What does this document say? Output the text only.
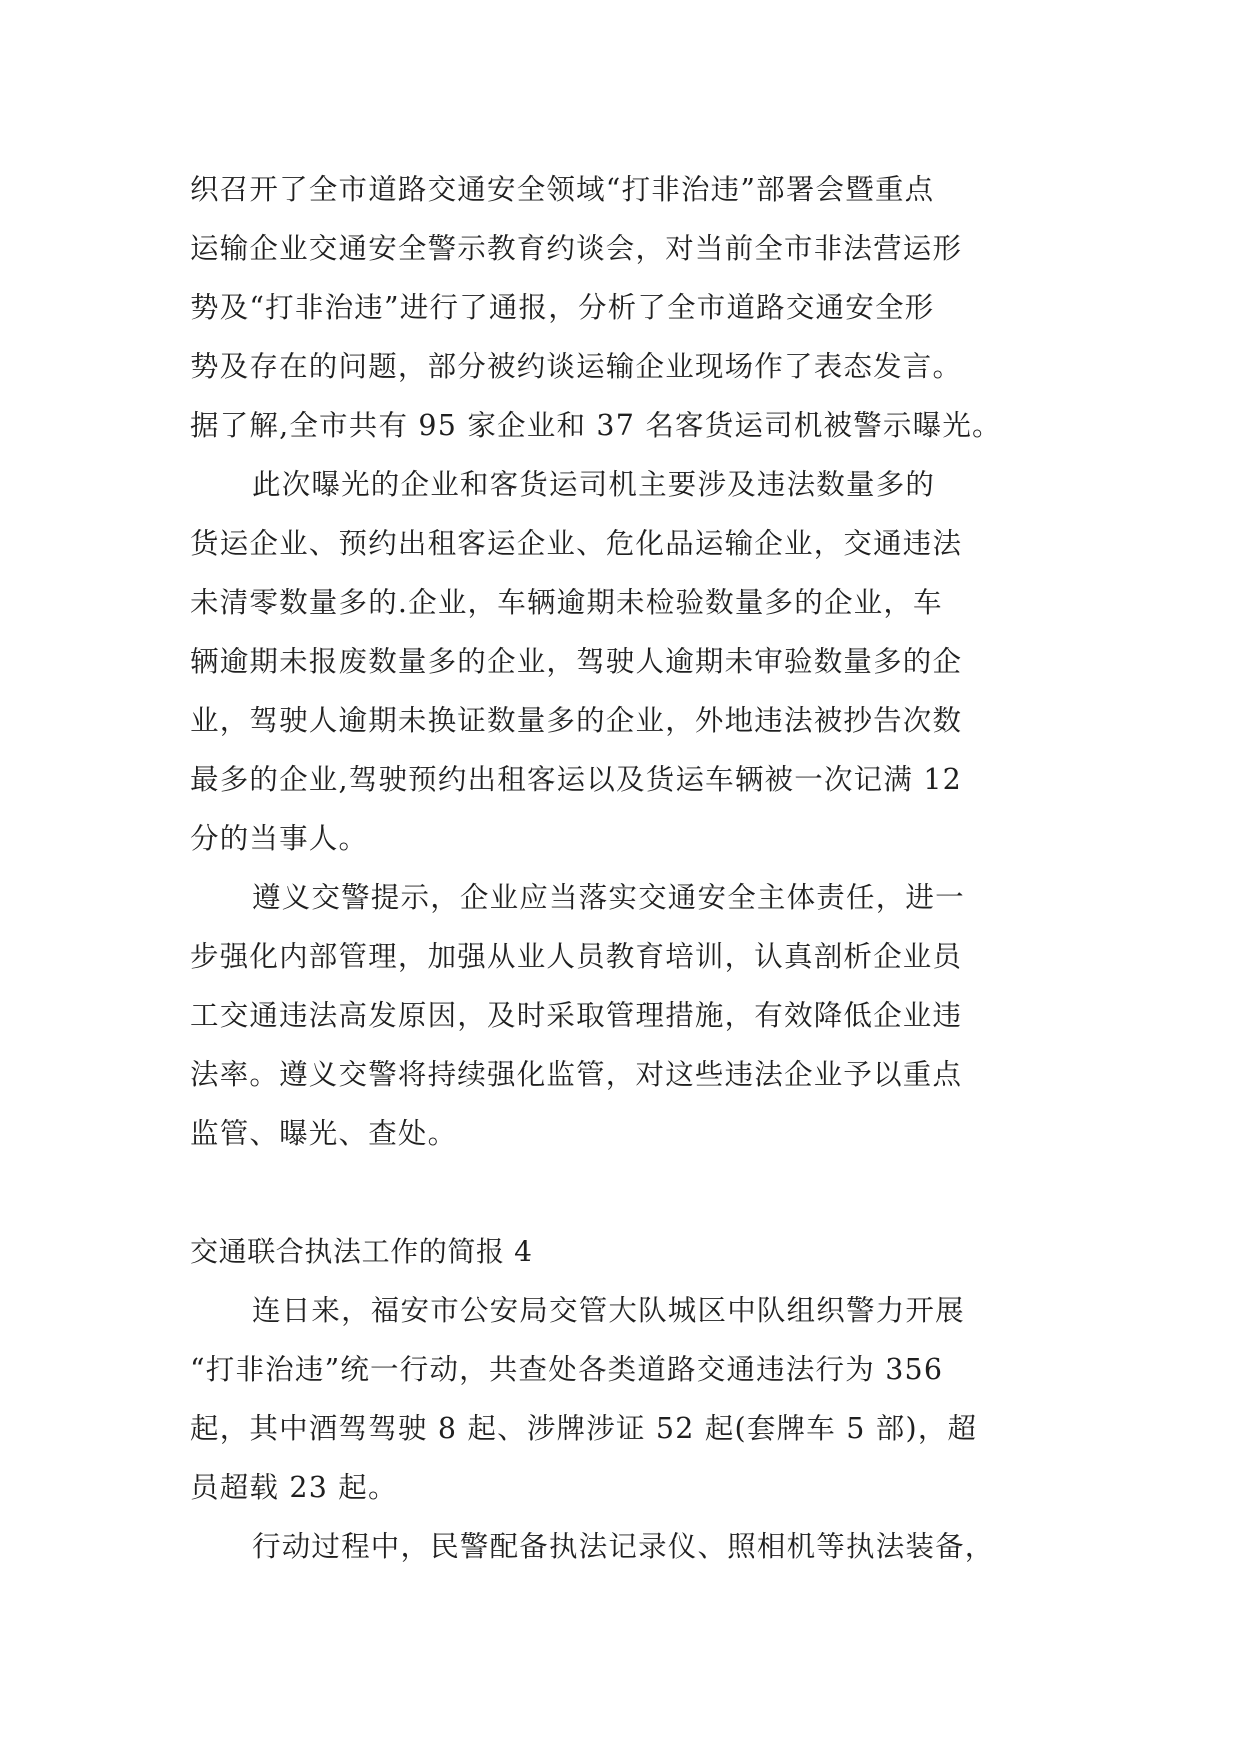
织召开了全市道路交通安全领域“打非治违”部署会暨重点
运输企业交通安全警示教育约谈会，对当前全市非法营运形
势及“打非治违”进行了通报，分析了全市道路交通安全形
势及存在的问题，部分被约谈运输企业现场作了表态发言。
据了解,全市共有 95 家企业和 37 名客货运司机被警示曝光。
此次曝光的企业和客货运司机主要涉及违法数量多的
货运企业、预约出租客运企业、危化品运输企业，交通违法
未清零数量多的.企业，车辆逾期未检验数量多的企业，车
辆逾期未报废数量多的企业，驾驶人逾期未审验数量多的企
业，驾驶人逾期未换证数量多的企业，外地违法被抄告次数
最多的企业,驾驶预约出租客运以及货运车辆被一次记满 12
分的当事人。
遵义交警提示，企业应当落实交通安全主体责任，进一
步强化内部管理，加强从业人员教育培训，认真剖析企业员
工交通违法高发原因，及时采取管理措施，有效降低企业违
法率。遵义交警将持续强化监管，对这些违法企业予以重点
监管、曝光、查处。
交通联合执法工作的简报 4
连日来，福安市公安局交管大队城区中队组织警力开展
“打非治违”统一行动，共查处各类道路交通违法行为 356
起，其中酒驾驾驶 8 起、涉牌涉证 52 起(套牌车 5 部)，超
员超载 23 起。
行动过程中，民警配备执法记录仪、照相机等执法装备，
